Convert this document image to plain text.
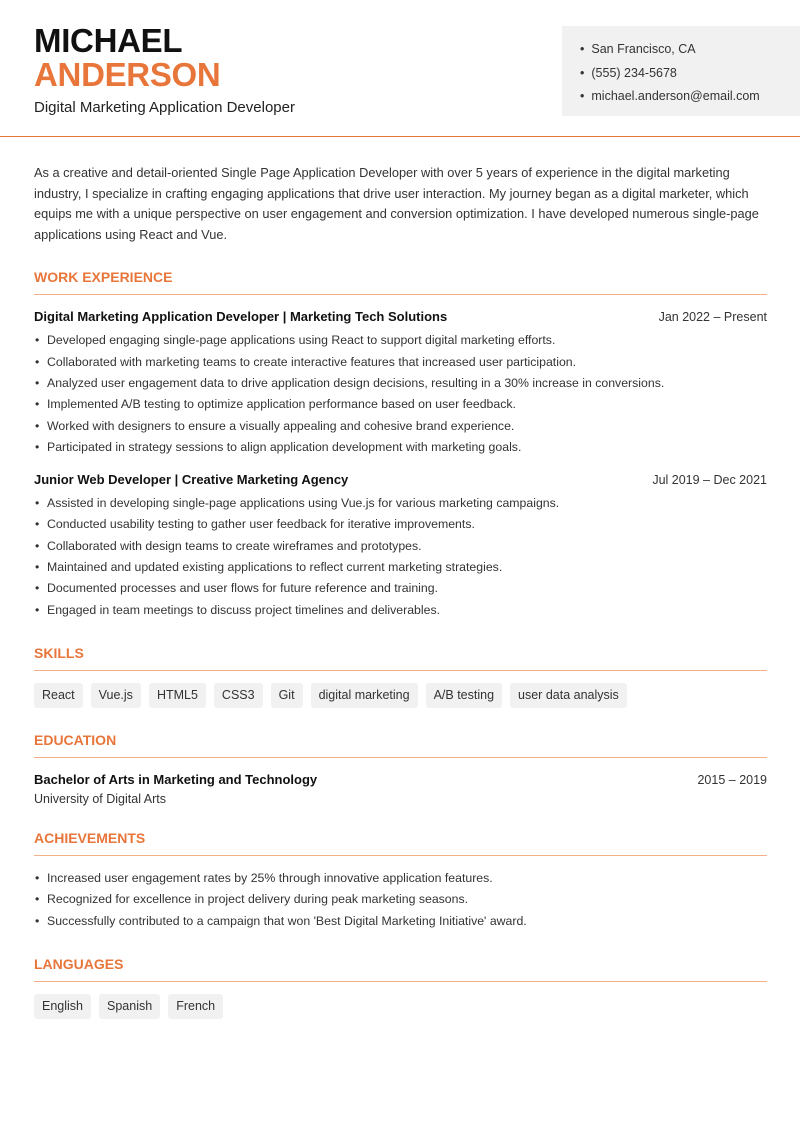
MICHAEL
ANDERSON
Digital Marketing Application Developer
• San Francisco, CA
• (555) 234-5678
• michael.anderson@email.com

As a creative and detail-oriented Single Page Application Developer with over 5 years of experience in the digital marketing industry, I specialize in crafting engaging applications that drive user interaction. My journey began as a digital marketer, which equips me with a unique perspective on user engagement and conversion optimization. I have developed numerous single-page applications using React and Vue.

WORK EXPERIENCE
Digital Marketing Application Developer | Marketing Tech Solutions	Jan 2022 – Present
• Developed engaging single-page applications using React to support digital marketing efforts.
• Collaborated with marketing teams to create interactive features that increased user participation.
• Analyzed user engagement data to drive application design decisions, resulting in a 30% increase in conversions.
• Implemented A/B testing to optimize application performance based on user feedback.
• Worked with designers to ensure a visually appealing and cohesive brand experience.
• Participated in strategy sessions to align application development with marketing goals.
Junior Web Developer | Creative Marketing Agency	Jul 2019 – Dec 2021
• Assisted in developing single-page applications using Vue.js for various marketing campaigns.
• Conducted usability testing to gather user feedback for iterative improvements.
• Collaborated with design teams to create wireframes and prototypes.
• Maintained and updated existing applications to reflect current marketing strategies.
• Documented processes and user flows for future reference and training.
• Engaged in team meetings to discuss project timelines and deliverables.
SKILLS
React	Vue.js	HTML5	CSS3	Git	digital marketing	A/B testing	user data analysis
EDUCATION
Bachelor of Arts in Marketing and Technology	2015 – 2019
University of Digital Arts
ACHIEVEMENTS
• Increased user engagement rates by 25% through innovative application features.
• Recognized for excellence in project delivery during peak marketing seasons.
• Successfully contributed to a campaign that won 'Best Digital Marketing Initiative' award.
LANGUAGES
English	Spanish	French
